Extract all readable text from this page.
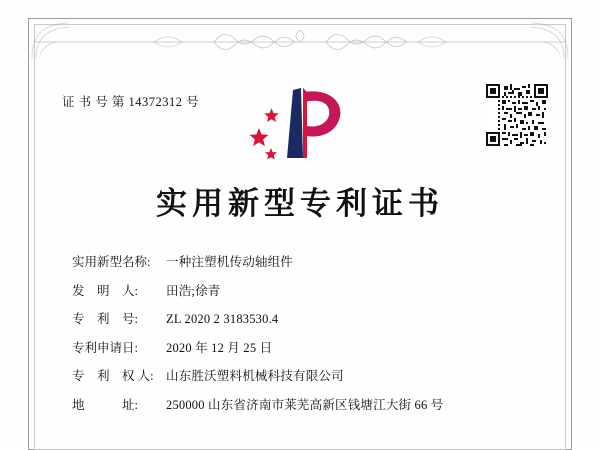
证 书 号 第 14372312 号
实用新型专利证书
实用新型名称:	一种注塑机传动轴组件
发　明　人:	田浩;徐青
专　利　号:	ZL 2020 2 3183530.4
专利申请日:	2020 年 12 月 25 日
专　利　权 人: 山东胜沃塑料机械科技有限公司
地　　　址:	250000 山东省济南市莱芜高新区钱塘江大街 66 号
